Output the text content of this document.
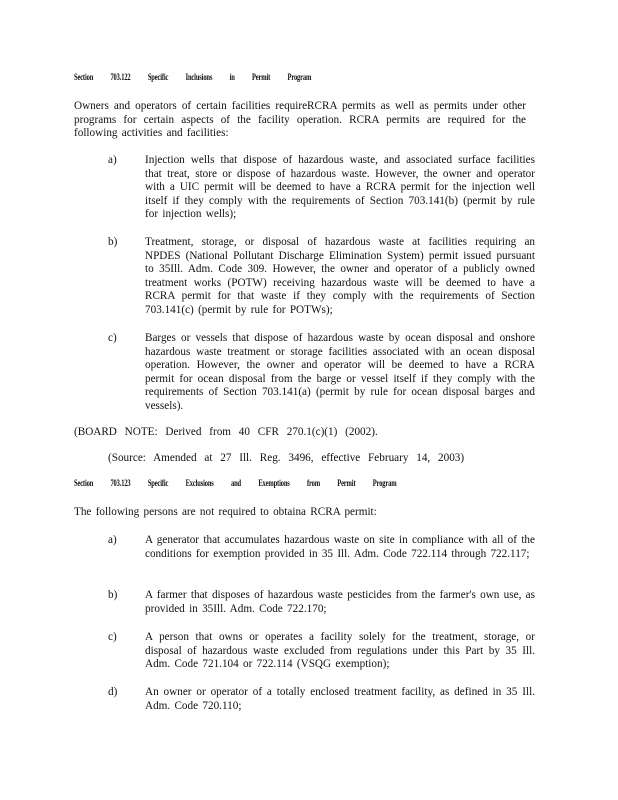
Section 703.122 Specific Inclusions in Permit Program
Owners and operators of certain facilities requireRCRA permits as well as permits under other programs for certain aspects of the facility operation. RCRA permits are required for the following activities and facilities:
a)	Injection wells that dispose of hazardous waste, and associated surface facilities that treat, store or dispose of hazardous waste. However, the owner and operator with a UIC permit will be deemed to have a RCRA permit for the injection well itself if they comply with the requirements of Section 703.141(b) (permit by rule for injection wells);
b) Treatment, storage, or disposal of hazardous waste at facilities requiring an NPDES (National Pollutant Discharge Elimination System) permit issued pursuant to 35Ill. Adm. Code 309. However, the owner and operator of a publicly owned treatment works (POTW) receiving hazardous waste will be deemed to have a RCRA permit for that waste if they comply with the requirements of Section 703.141(c) (permit by rule for POTWs);
c)	Barges or vessels that dispose of hazardous waste by ocean disposal and onshore hazardous waste treatment or storage facilities associated with an ocean disposal operation. However, the owner and operator will be deemed to have a RCRA permit for ocean disposal from the barge or vessel itself if they comply with the requirements of Section 703.141(a) (permit by rule for ocean disposal barges and vessels).
(BOARD NOTE: Derived from 40 CFR 270.1(c)(1) (2002).
(Source: Amended at 27 Ill. Reg. 3496, effective February 14, 2003)
Section 703.123 Specific Exclusions and Exemptions from Permit Program
The following persons are not required to obtaina RCRA permit:
a)	A generator that accumulates hazardous waste on site in compliance with all of the conditions for exemption provided in 35 Ill. Adm. Code 722.114 through 722.117;
b) A farmer that disposes of hazardous waste pesticides from the farmer's own use, as provided in 35Ill. Adm. Code 722.170;
c)	A person that owns or operates a facility solely for the treatment, storage, or disposal of hazardous waste excluded from regulations under this Part by 35 Ill. Adm. Code 721.104 or 722.114 (VSQG exemption);
d) An owner or operator of a totally enclosed treatment facility, as defined in 35 Ill. Adm. Code 720.110;
